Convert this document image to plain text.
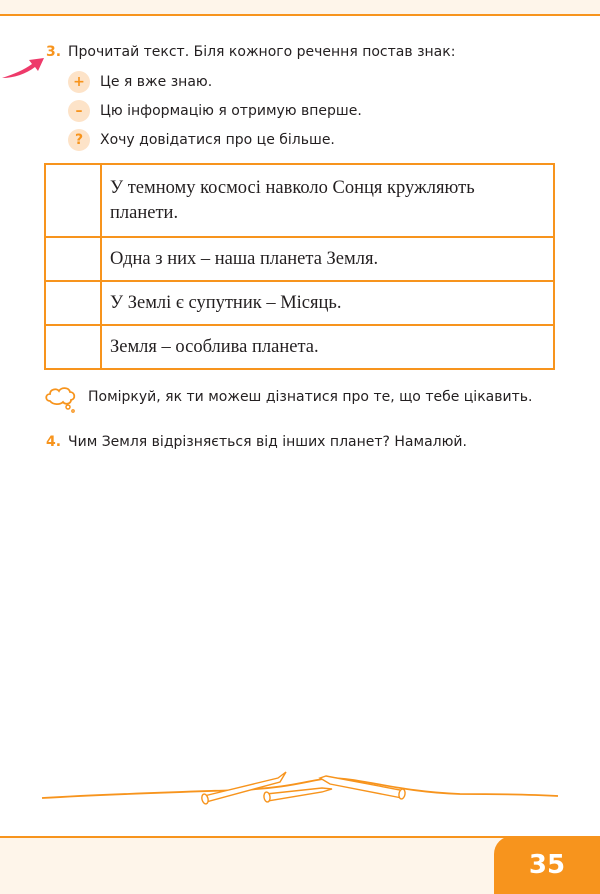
3. Прочитай текст. Біля кожного речення постав знак:
+	Це я вже знаю.
–	Цю інформацію я отримую вперше.
?	Хочу довідатися про це більше.
	У темному космосі навколо Сонця кружляють планети.
	Одна з них – наша планета Земля.
	У Землі є супутник – Місяць.
	Земля – особлива планета.
Поміркуй, як ти можеш дізнатися про те, що тебе цікавить.
4. Чим Земля відрізняється від інших планет? Намалюй.
35
